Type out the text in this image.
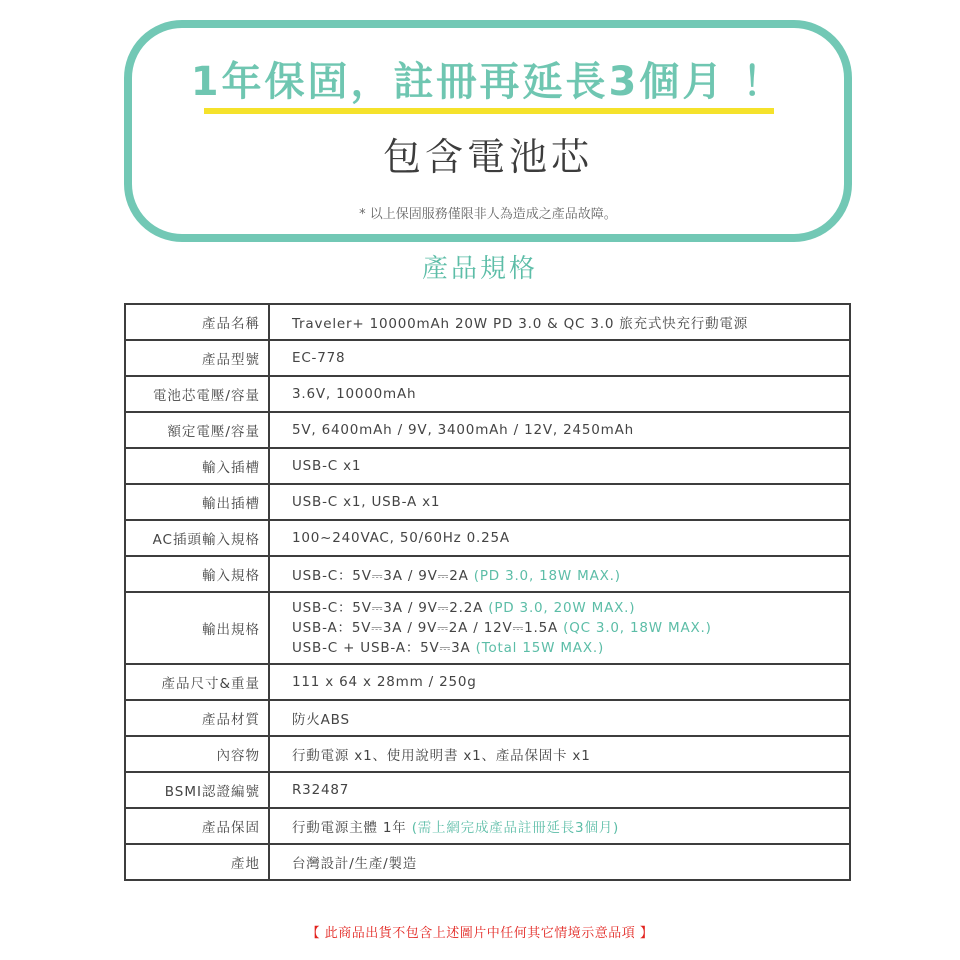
1年保固，註冊再延長3個月 ！
包含電池芯
* 以上保固服務僅限非人為造成之產品故障。
產品規格
產品名稱	Traveler+ 10000mAh 20W PD 3.0 & QC 3.0 旅充式快充行動電源
產品型號	EC-778
電池芯電壓/容量	3.6V, 10000mAh
額定電壓/容量	5V, 6400mAh / 9V, 3400mAh / 12V, 2450mAh
輸入插槽	USB-C x1
輸出插槽	USB-C x1, USB-A x1
AC插頭輸入規格	100~240VAC, 50/60Hz 0.25A
輸入規格	USB-C：5V⎓3A / 9V⎓2A (PD 3.0, 18W MAX.)
輸出規格	USB-C：5V⎓3A / 9V⎓2.2A (PD 3.0, 20W MAX.)
USB-A：5V⎓3A / 9V⎓2A / 12V⎓1.5A (QC 3.0, 18W MAX.)
USB-C + USB-A：5V⎓3A (Total 15W MAX.)

產品尺寸&重量	111 x 64 x 28mm / 250g
產品材質	防火ABS
內容物	行動電源 x1、使用說明書 x1、產品保固卡 x1
BSMI認證編號	R32487
產品保固	行動電源主體 1年 (需上網完成產品註冊延長3個月)
產地	台灣設計/生產/製造
【 此商品出貨不包含上述圖片中任何其它情境示意品項 】
